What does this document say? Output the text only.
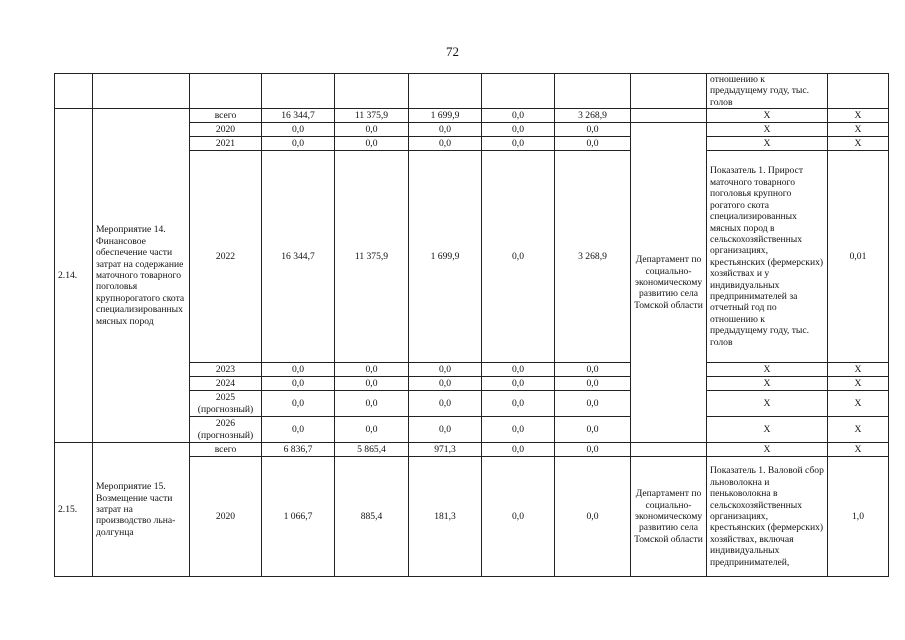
72
									отношению к предыдущему году, тыс. голов	
2.14.	Мероприятие 14. Финансовое обеспечение части затрат на содержание маточного товарного поголовья крупнорогатого скота специализированных мясных пород	всего	16 344,7	11 375,9	1 699,9	0,0	3 268,9		X	X
		2020	0,0	0,0	0,0	0,0	0,0	Департамент по социально-экономическому развитию села Томской области	X	X
		2021	0,0	0,0	0,0	0,0	0,0		X	X
		2022	16 344,7	11 375,9	1 699,9	0,0	3 268,9		Показатель 1. Прирост маточного товарного поголовья крупного рогатого скота специализированных мясных пород в сельскохозяйственных организациях, крестьянских (фермерских) хозяйствах и у индивидуальных предпринимателей за отчетный год по отношению к предыдущему году, тыс. голов	0,01
		2023	0,0	0,0	0,0	0,0	0,0		X	X
		2024	0,0	0,0	0,0	0,0	0,0		X	X
		2025 (прогнозный)	0,0	0,0	0,0	0,0	0,0		X	X
		2026 (прогнозный)	0,0	0,0	0,0	0,0	0,0		X	X
2.15.	Мероприятие 15. Возмещение части затрат на производство льна-долгунца	всего	6 836,7	5 865,4	971,3	0,0	0,0		X	X
		2020	1 066,7	885,4	181,3	0,0	0,0	Департамент по социально-экономическому развитию села Томской области	Показатель 1. Валовой сбор льноволокна и пеньковолокна в сельскохозяйственных организациях, крестьянских (фермерских) хозяйствах, включая индивидуальных предпринимателей,	1,0
